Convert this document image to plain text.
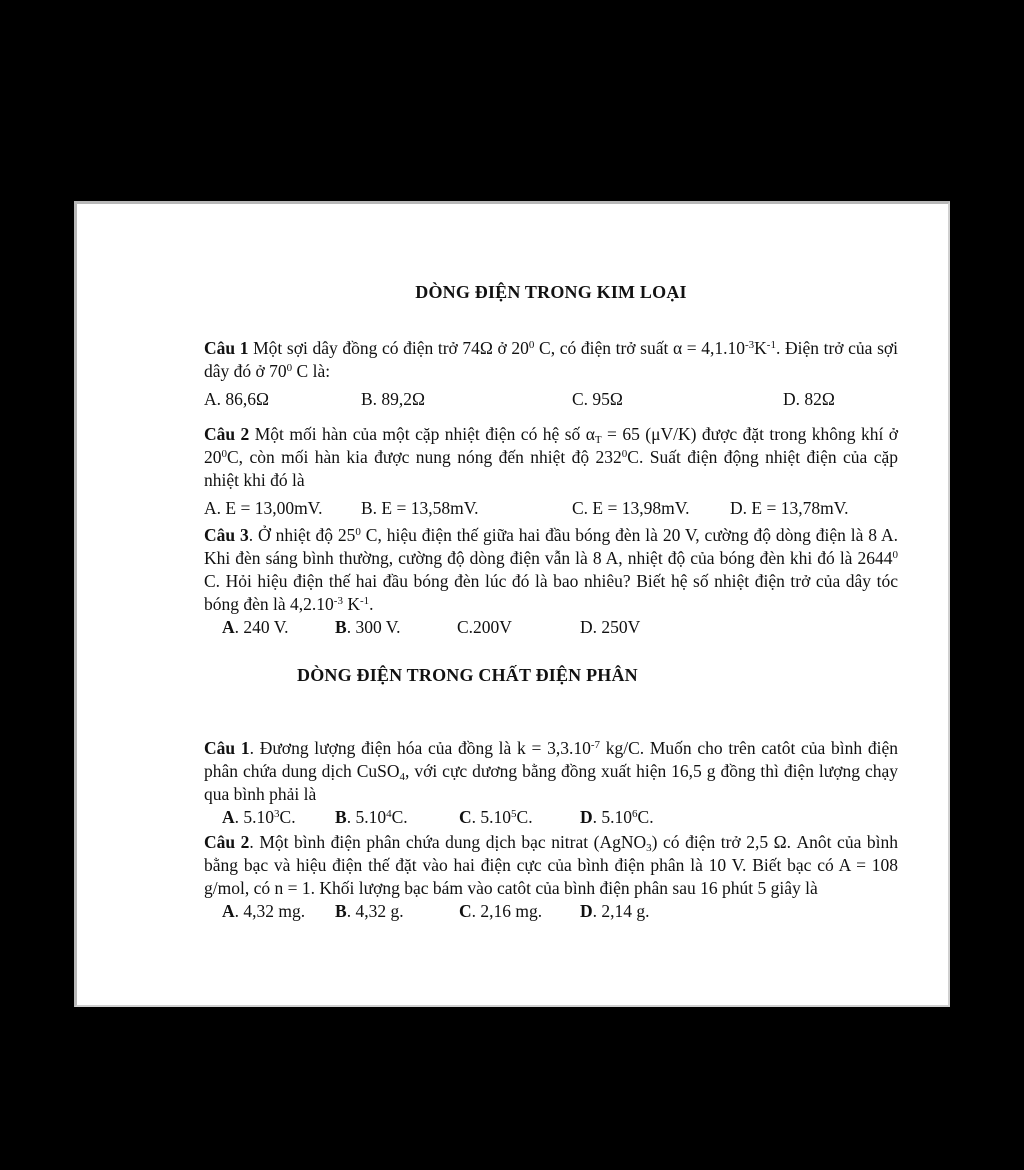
DÒNG ĐIỆN TRONG KIM LOẠI

Câu 1 Một sợi dây đồng có điện trở 74Ω ở $20^0$ C, có điện trở suất $\alpha = 4,1.10^{-3}K^{-1}$. Điện trở của sợi dây đó ở $70^0$ C là:

A. 86,6Ω	B. 89,2Ω	C. 95Ω	D. 82Ω

Câu 2 Một mối hàn của một cặp nhiệt điện có hệ số $\alpha_T = 65$ (μV/K) được đặt trong không khí ở $20^0C$, còn mối hàn kia được nung nóng đến nhiệt độ $232^0C$. Suất điện động nhiệt điện của cặp nhiệt khi đó là

A. E = 13,00mV.	B. E = 13,58mV.	C. E = 13,98mV.	D. E = 13,78mV.

Câu 3. Ở nhiệt độ $25^0$ C, hiệu điện thế giữa hai đầu bóng đèn là 20 V, cường độ dòng điện là 8 A. Khi đèn sáng bình thường, cường độ dòng điện vẫn là 8 A, nhiệt độ của bóng đèn khi đó là 2644$^0$ C. Hỏi hiệu điện thế hai đầu bóng đèn lúc đó là bao nhiêu? Biết hệ số nhiệt điện trở của dây tóc bóng đèn là $4,2.10^{-3}$ $K^{-1}$.

A. 240 V.	B. 300 V.	C.200V	D. 250V
DÒNG ĐIỆN TRONG CHẤT ĐIỆN PHÂN

Câu 1. Đương lượng điện hóa của đồng là $k = 3,3.10^{-7}$ kg/C. Muốn cho trên catôt của bình điện phân chứa dung dịch CuSO$_4$, với cực dương bằng đồng xuất hiện 16,5 g đồng thì điện lượng chạy qua bình phải là

A. 5.10$^3$C.	B. 5.10$^4$C.	C. 5.10$^5$C.	D. 5.10$^6$C.

Câu 2. Một bình điện phân chứa dung dịch bạc nitrat (AgNO$_3$) có điện trở 2,5 Ω. Anôt của bình bằng bạc và hiệu điện thế đặt vào hai điện cực của bình điện phân là 10 V. Biết bạc có A = 108 g/mol, có n = 1. Khối lượng bạc bám vào catôt của bình điện phân sau 16 phút 5 giây là

A. 4,32 mg.	B. 4,32 g.	C. 2,16 mg.	D. 2,14 g.
